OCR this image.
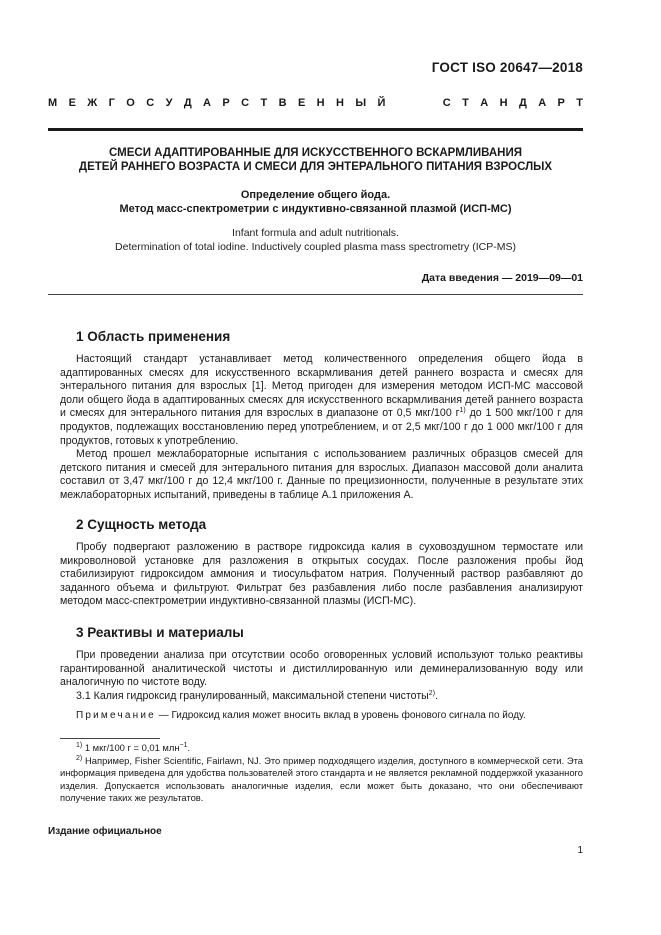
ГОСТ ISO 20647—2018
М Е Ж Г О С У Д А Р С Т В Е Н Н Ы Й	С Т А Н Д А Р Т
СМЕСИ АДАПТИРОВАННЫЕ ДЛЯ ИСКУССТВЕННОГО ВСКАРМЛИВАНИЯ
ДЕТЕЙ РАННЕГО ВОЗРАСТА И СМЕСИ ДЛЯ ЭНТЕРАЛЬНОГО ПИТАНИЯ ВЗРОСЛЫХ
Определение общего йода.
Метод масс-спектрометрии с индуктивно-связанной плазмой (ИСП-МС)
Infant formula and adult nutritionals.
Determination of total iodine. Inductively coupled plasma mass spectrometry (ICP-MS)
Дата введения — 2019—09—01
1 Область применения

Настоящий стандарт устанавливает метод количественного определения общего йода в адаптированных смесях для искусственного вскармливания детей раннего возраста и смесях для энтерального питания для взрослых [1]. Метод пригоден для измерения методом ИСП-МС массовой доли общего йода в адаптированных смесях для искусственного вскармливания детей раннего возраста и смесях для энтерального питания для взрослых в диапазоне от 0,5 мкг/100 $г^{1)}$ до 1 500 мкг/100 г для продуктов, подлежащих восстановлению перед употреблением, и от 2,5 мкг/100 г до 1 000 мкг/100 г для продуктов, готовых к употреблению.

Метод прошел межлабораторные испытания с использованием различных образцов смесей для детского питания и смесей для энтерального питания для взрослых. Диапазон массовой доли аналита составил от 3,47 мкг/100 г до 12,4 мкг/100 г. Данные по прецизионности, полученные в результате этих межлабораторных испытаний, приведены в таблице А.1 приложения А.

2 Сущность метода

Пробу подвергают разложению в растворе гидроксида калия в суховоздушном термостате или микроволновой установке для разложения в открытых сосудах. После разложения пробы йод стабилизируют гидроксидом аммония и тиосульфатом натрия. Полученный раствор разбавляют до заданного объема и фильтруют. Фильтрат без разбавления либо после разбавления анализируют методом масс-спектрометрии индуктивно-связанной плазмы (ИСП-МС).

3 Реактивы и материалы

При проведении анализа при отсутствии особо оговоренных условий используют только реактивы гарантированной аналитической чистоты и дистиллированную или деминерализованную воду или аналогичную по чистоте воду.

3.1 Калия гидроксид гранулированный, максимальной степени чистоты$^{2)}$.

Примечание — Гидроксид калия может вносить вклад в уровень фонового сигнала по йоду.

$^{1)}$ 1 мкг/100 г = 0,01 млн$^{-1}$.

$^{2)}$ Например, Fisher Scientific, Fairlawn, NJ. Это пример подходящего изделия, доступного в коммерческой сети. Эта информация приведена для удобства пользователей этого стандарта и не является рекламной поддержкой указанного изделия. Допускается использовать аналогичные изделия, если может быть доказано, что они обеспечивают получение таких же результатов.

Издание официальное
1
